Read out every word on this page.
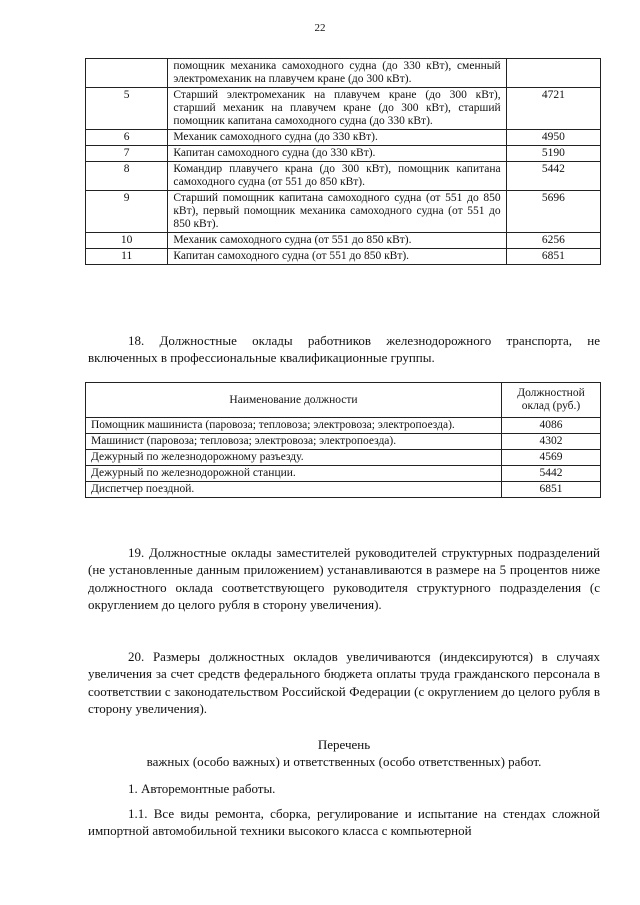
22
	помощник механика самоходного судна (до 330 кВт), сменный электромеханик на плавучем кране (до 300 кВт).	
5	Старший электромеханик на плавучем кране (до 300 кВт), старший механик на плавучем кране (до 300 кВт), старший помощник капитана самоходного судна (до 330 кВт).	4721
6	Механик самоходного судна (до 330 кВт).	4950
7	Капитан самоходного судна (до 330 кВт).	5190
8	Командир плавучего крана (до 300 кВт), помощник капитана самоходного судна (от 551 до 850 кВт).	5442
9	Старший помощник капитана самоходного судна (от 551 до 850 кВт), первый помощник механика самоходного судна (от 551 до 850 кВт).	5696
10	Механик самоходного судна (от 551 до 850 кВт).	6256
11	Капитан самоходного судна (от 551 до 850 кВт).	6851
18. Должностные оклады работников железнодорожного транспорта, не включенных в профессиональные квалификационные группы.
Наименование должности	Должностной оклад (руб.)
Помощник машиниста (паровоза; тепловоза; электровоза; электропоезда).	4086
Машинист (паровоза; тепловоза; электровоза; электропоезда).	4302
Дежурный по железнодорожному разъезду.	4569
Дежурный по железнодорожной станции.	5442
Диспетчер поездной.	6851
19. Должностные оклады заместителей руководителей структурных подразделений (не установленные данным приложением) устанавливаются в размере на 5 процентов ниже должностного оклада соответствующего руководителя структурного подразделения (с округлением до целого рубля в сторону увеличения).
20. Размеры должностных окладов увеличиваются (индексируются) в случаях увеличения за счет средств федерального бюджета оплаты труда гражданского персонала в соответствии с законодательством Российской Федерации (с округлением до целого рубля в сторону увеличения).
Перечень
важных (особо важных) и ответственных (особо ответственных) работ.
1. Авторемонтные работы.
1.1. Все виды ремонта, сборка, регулирование и испытание на стендах сложной импортной автомобильной техники высокого класса с компьютерной
